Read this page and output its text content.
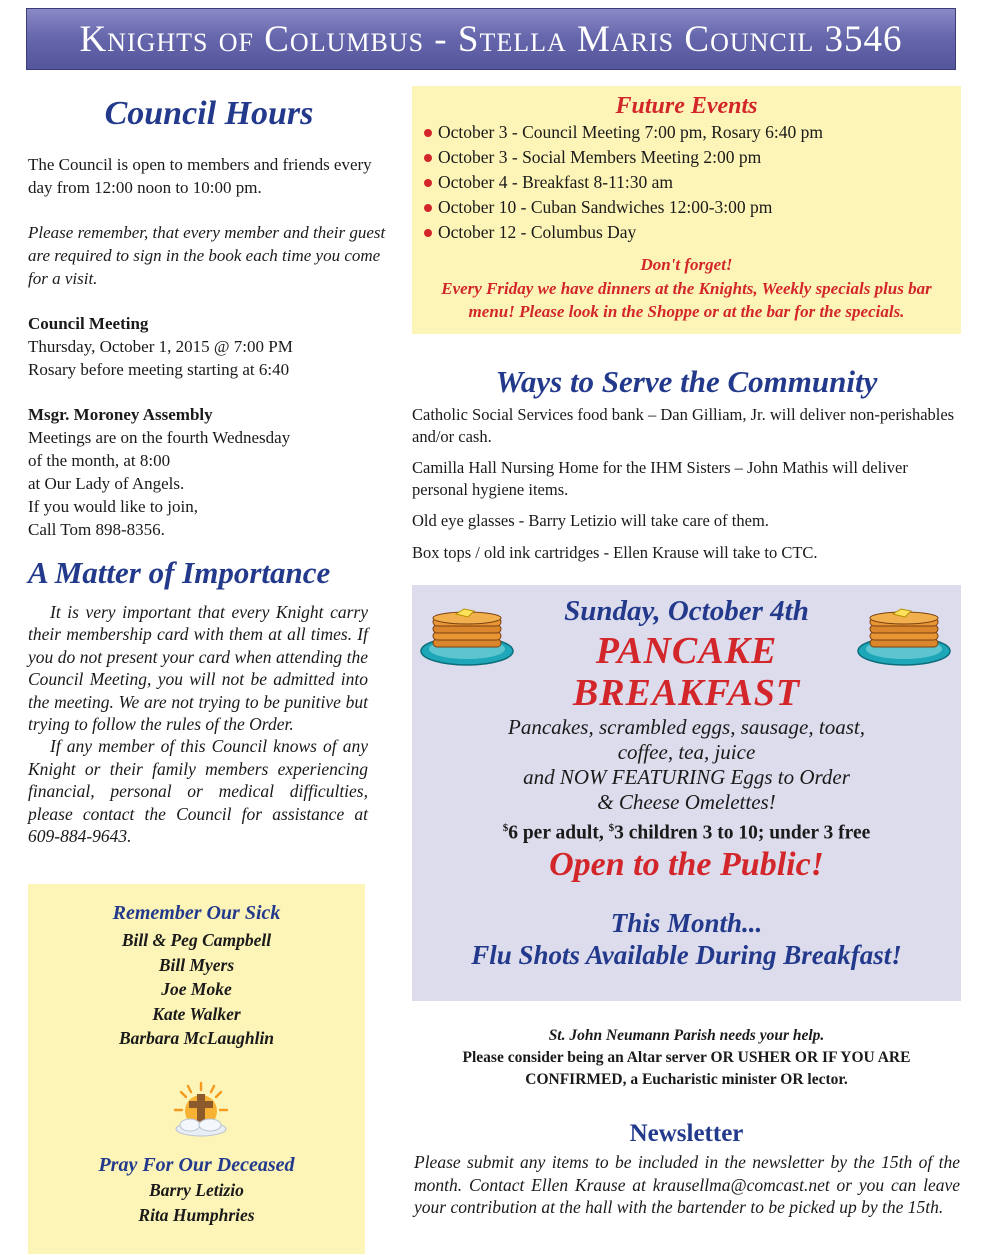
Knights of Columbus - Stella Maris Council 3546
Council Hours

The Council is open to members and friends every day from 12:00 noon to 10:00 pm.

Please remember, that every member and their guest are required to sign in the book each time you come for a visit.

Council Meeting

Thursday, October 1, 2015 @ 7:00 PM

Rosary before meeting starting at 6:40

Msgr. Moroney Assembly

Meetings are on the fourth Wednesday

of the month, at 8:00

at Our Lady of Angels.

If you would like to join,

Call Tom 898-8356.

A Matter of Importance

It is very important that every Knight carry their membership card with them at all times. If you do not present your card when attending the Council Meeting, you will not be admitted into the meeting. We are not trying to be punitive but trying to follow the rules of the Order.

If any member of this Council knows of any Knight or their family members experiencing financial, personal or medical difficulties, please contact the Council for assistance at 609-884-9643.

Remember Our Sick
Bill & Peg Campbell
Bill Myers
Joe Moke
Kate Walker
Barbara McLaughlin
Pray For Our Deceased
Barry Letizio
Rita Humphries
Future Events
October 3 - Council Meeting 7:00 pm, Rosary 6:40 pm
October 3 - Social Members Meeting 2:00 pm
October 4 - Breakfast 8-11:30 am
October 10 - Cuban Sandwiches 12:00-3:00 pm
October 12 - Columbus Day
Don't forget!
Every Friday we have dinners at the Knights, Weekly specials plus bar menu! Please look in the Shoppe or at the bar for the specials.
Ways to Serve the Community

Catholic Social Services food bank – Dan Gilliam, Jr. will deliver non-perishables and/or cash.

Camilla Hall Nursing Home for the IHM Sisters – John Mathis will deliver personal hygiene items.

Old eye glasses - Barry Letizio will take care of them.

Box tops / old ink cartridges - Ellen Krause will take to CTC.

Sunday, October 4th
PANCAKE
BREAKFAST
Pancakes, scrambled eggs, sausage, toast,
coffee, tea, juice
and NOW FEATURING Eggs to Order
& Cheese Omelettes!
$6 per adult, $3 children 3 to 10; under 3 free
Open to the Public!
This Month...
Flu Shots Available During Breakfast!
St. John Neumann Parish needs your help.
Please consider being an Altar server OR USHER OR IF YOU ARE
CONFIRMED, a Eucharistic minister OR lector.
Newsletter
Please submit any items to be included in the newsletter by the 15th of the month. Contact Ellen Krause at krausellma@comcast.net or you can leave your contribution at the hall with the bartender to be picked up by the 15th.
